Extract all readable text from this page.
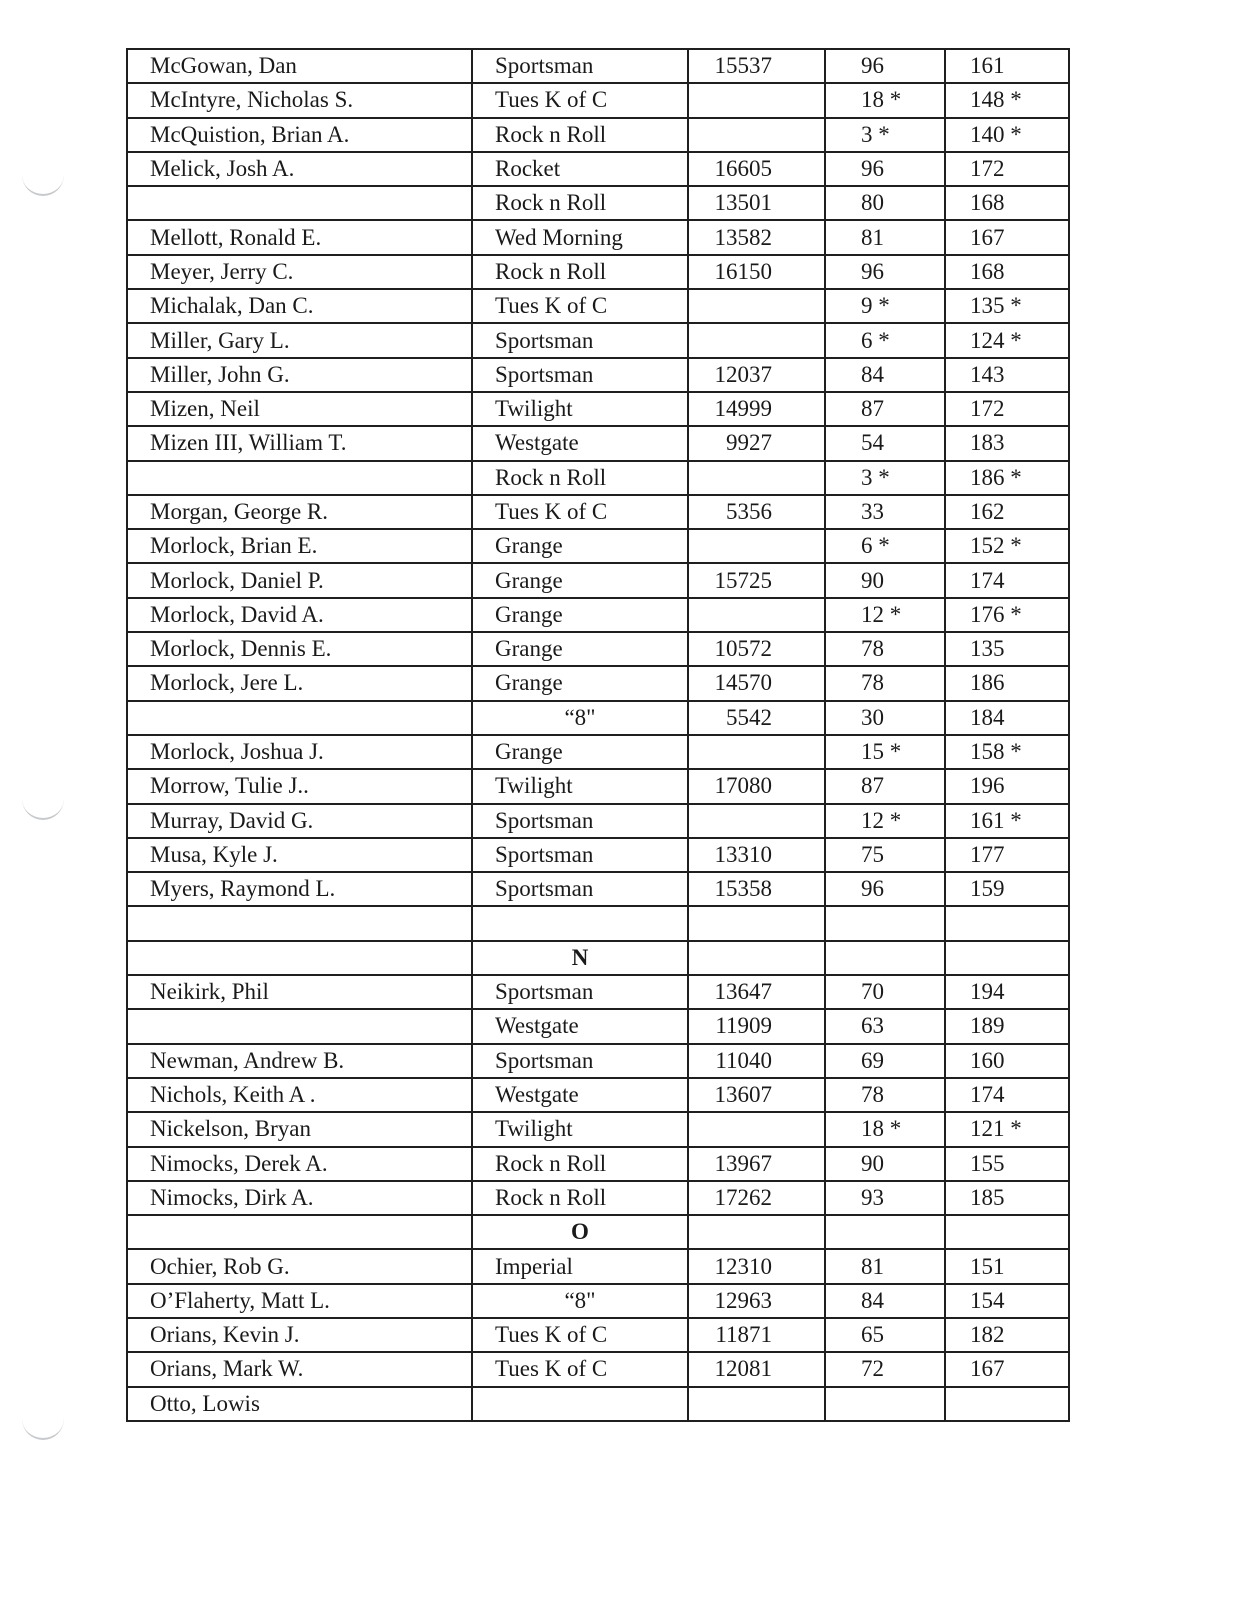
McGowan, Dan	Sportsman	15537	96	161
McIntyre, Nicholas S.	Tues K of C		18 *	148 *
McQuistion, Brian A.	Rock n Roll		3 *	140 *
Melick, Josh A.	Rocket	16605	96	172
	Rock n Roll	13501	80	168
Mellott, Ronald E.	Wed Morning	13582	81	167
Meyer, Jerry C.	Rock n Roll	16150	96	168
Michalak, Dan C.	Tues K of C		9 *	135 *
Miller, Gary L.	Sportsman		6 *	124 *
Miller, John G.	Sportsman	12037	84	143
Mizen, Neil	Twilight	14999	87	172
Mizen III, William T.	Westgate	9927	54	183
	Rock n Roll		3 *	186 *
Morgan, George R.	Tues K of C	5356	33	162
Morlock, Brian E.	Grange		6 *	152 *
Morlock, Daniel P.	Grange	15725	90	174
Morlock, David A.	Grange		12 *	176 *
Morlock, Dennis E.	Grange	10572	78	135
Morlock, Jere L.	Grange	14570	78	186
	“8"	5542	30	184
Morlock, Joshua J.	Grange		15 *	158 *
Morrow, Tulie J..	Twilight	17080	87	196
Murray, David G.	Sportsman		12 *	161 *
Musa, Kyle J.	Sportsman	13310	75	177
Myers, Raymond L.	Sportsman	15358	96	159

	N			
Neikirk, Phil	Sportsman	13647	70	194
	Westgate	11909	63	189
Newman, Andrew B.	Sportsman	11040	69	160
Nichols, Keith A .	Westgate	13607	78	174
Nickelson, Bryan	Twilight		18 *	121 *
Nimocks, Derek A.	Rock n Roll	13967	90	155
Nimocks, Dirk A.	Rock n Roll	17262	93	185
	O			
Ochier, Rob G.	Imperial	12310	81	151
O’Flaherty, Matt L.	“8"	12963	84	154
Orians, Kevin J.	Tues K of C	11871	65	182
Orians, Mark W.	Tues K of C	12081	72	167
Otto, Lowis				
